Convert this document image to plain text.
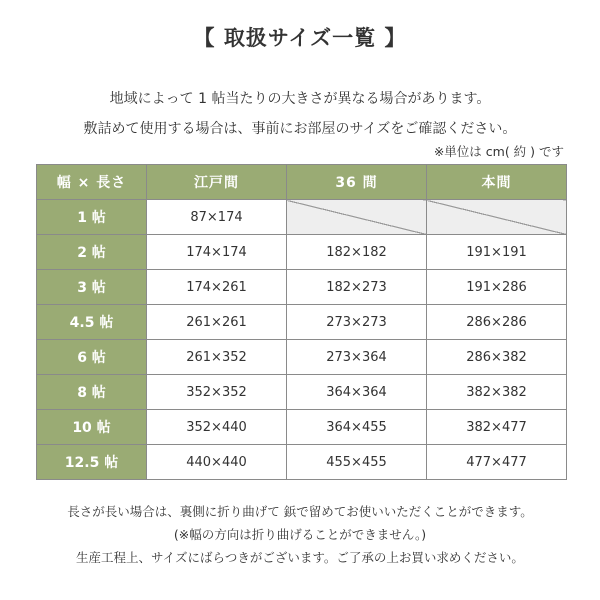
【 取扱サイズ一覧 】
地域によって 1 帖当たりの大きさが異なる場合があります。
敷詰めて使用する場合は、事前にお部屋のサイズをご確認ください。
※単位は cm( 約 ) です
幅 × 長さ	江戸間	36 間	本間
1 帖	87×174		
2 帖	174×174	182×182	191×191
3 帖	174×261	182×273	191×286
4.5 帖	261×261	273×273	286×286
6 帖	261×352	273×364	286×382
8 帖	352×352	364×364	382×382
10 帖	352×440	364×455	382×477
12.5 帖	440×440	455×455	477×477
長さが長い場合は、裏側に折り曲げて 鋲で留めてお使いいただくことができます。
(※幅の方向は折り曲げることができません。)
生産工程上、サイズにばらつきがございます。ご了承の上お買い求めください。
